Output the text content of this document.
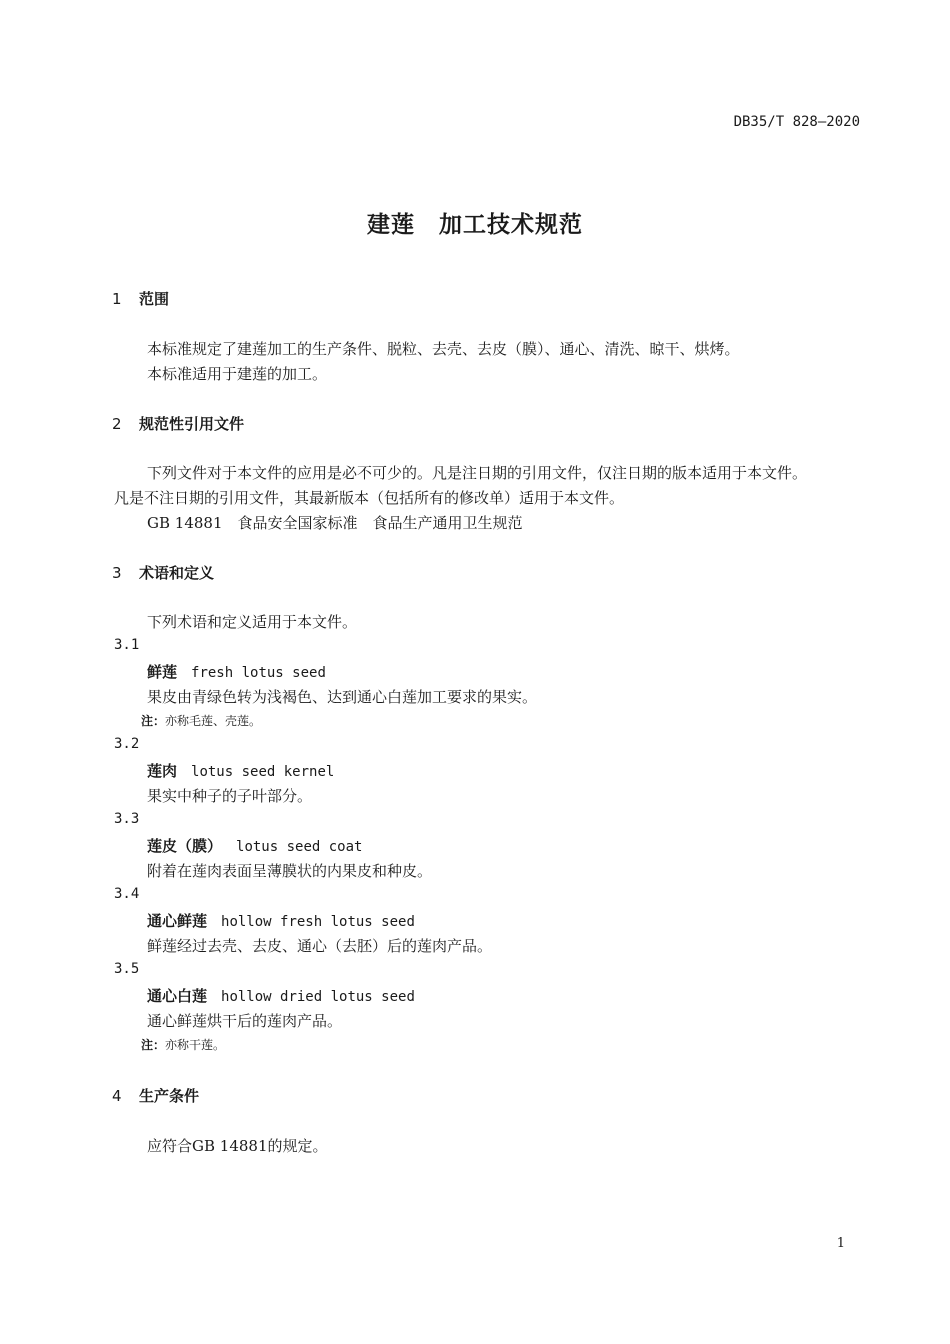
DB35/T 828—2020
建莲　加工技术规范
1 范围
本标准规定了建莲加工的生产条件、脱粒、去壳、去皮（膜）、通心、清洗、晾干、烘烤。
本标准适用于建莲的加工。
2 规范性引用文件
下列文件对于本文件的应用是必不可少的。凡是注日期的引用文件，仅注日期的版本适用于本文件。
凡是不注日期的引用文件，其最新版本（包括所有的修改单）适用于本文件。
GB 14881　食品安全国家标准　食品生产通用卫生规范
3 术语和定义
下列术语和定义适用于本文件。
3.1
鲜莲 fresh lotus seed
果皮由青绿色转为浅褐色、达到通心白莲加工要求的果实。
注：亦称毛莲、壳莲。
3.2
莲肉 lotus seed kernel
果实中种子的子叶部分。
3.3
莲皮（膜） lotus seed coat
附着在莲肉表面呈薄膜状的内果皮和种皮。
3.4
通心鲜莲 hollow fresh lotus seed
鲜莲经过去壳、去皮、通心（去胚）后的莲肉产品。
3.5
通心白莲 hollow dried lotus seed
通心鲜莲烘干后的莲肉产品。
注：亦称干莲。
4 生产条件
应符合GB 14881的规定。
1
